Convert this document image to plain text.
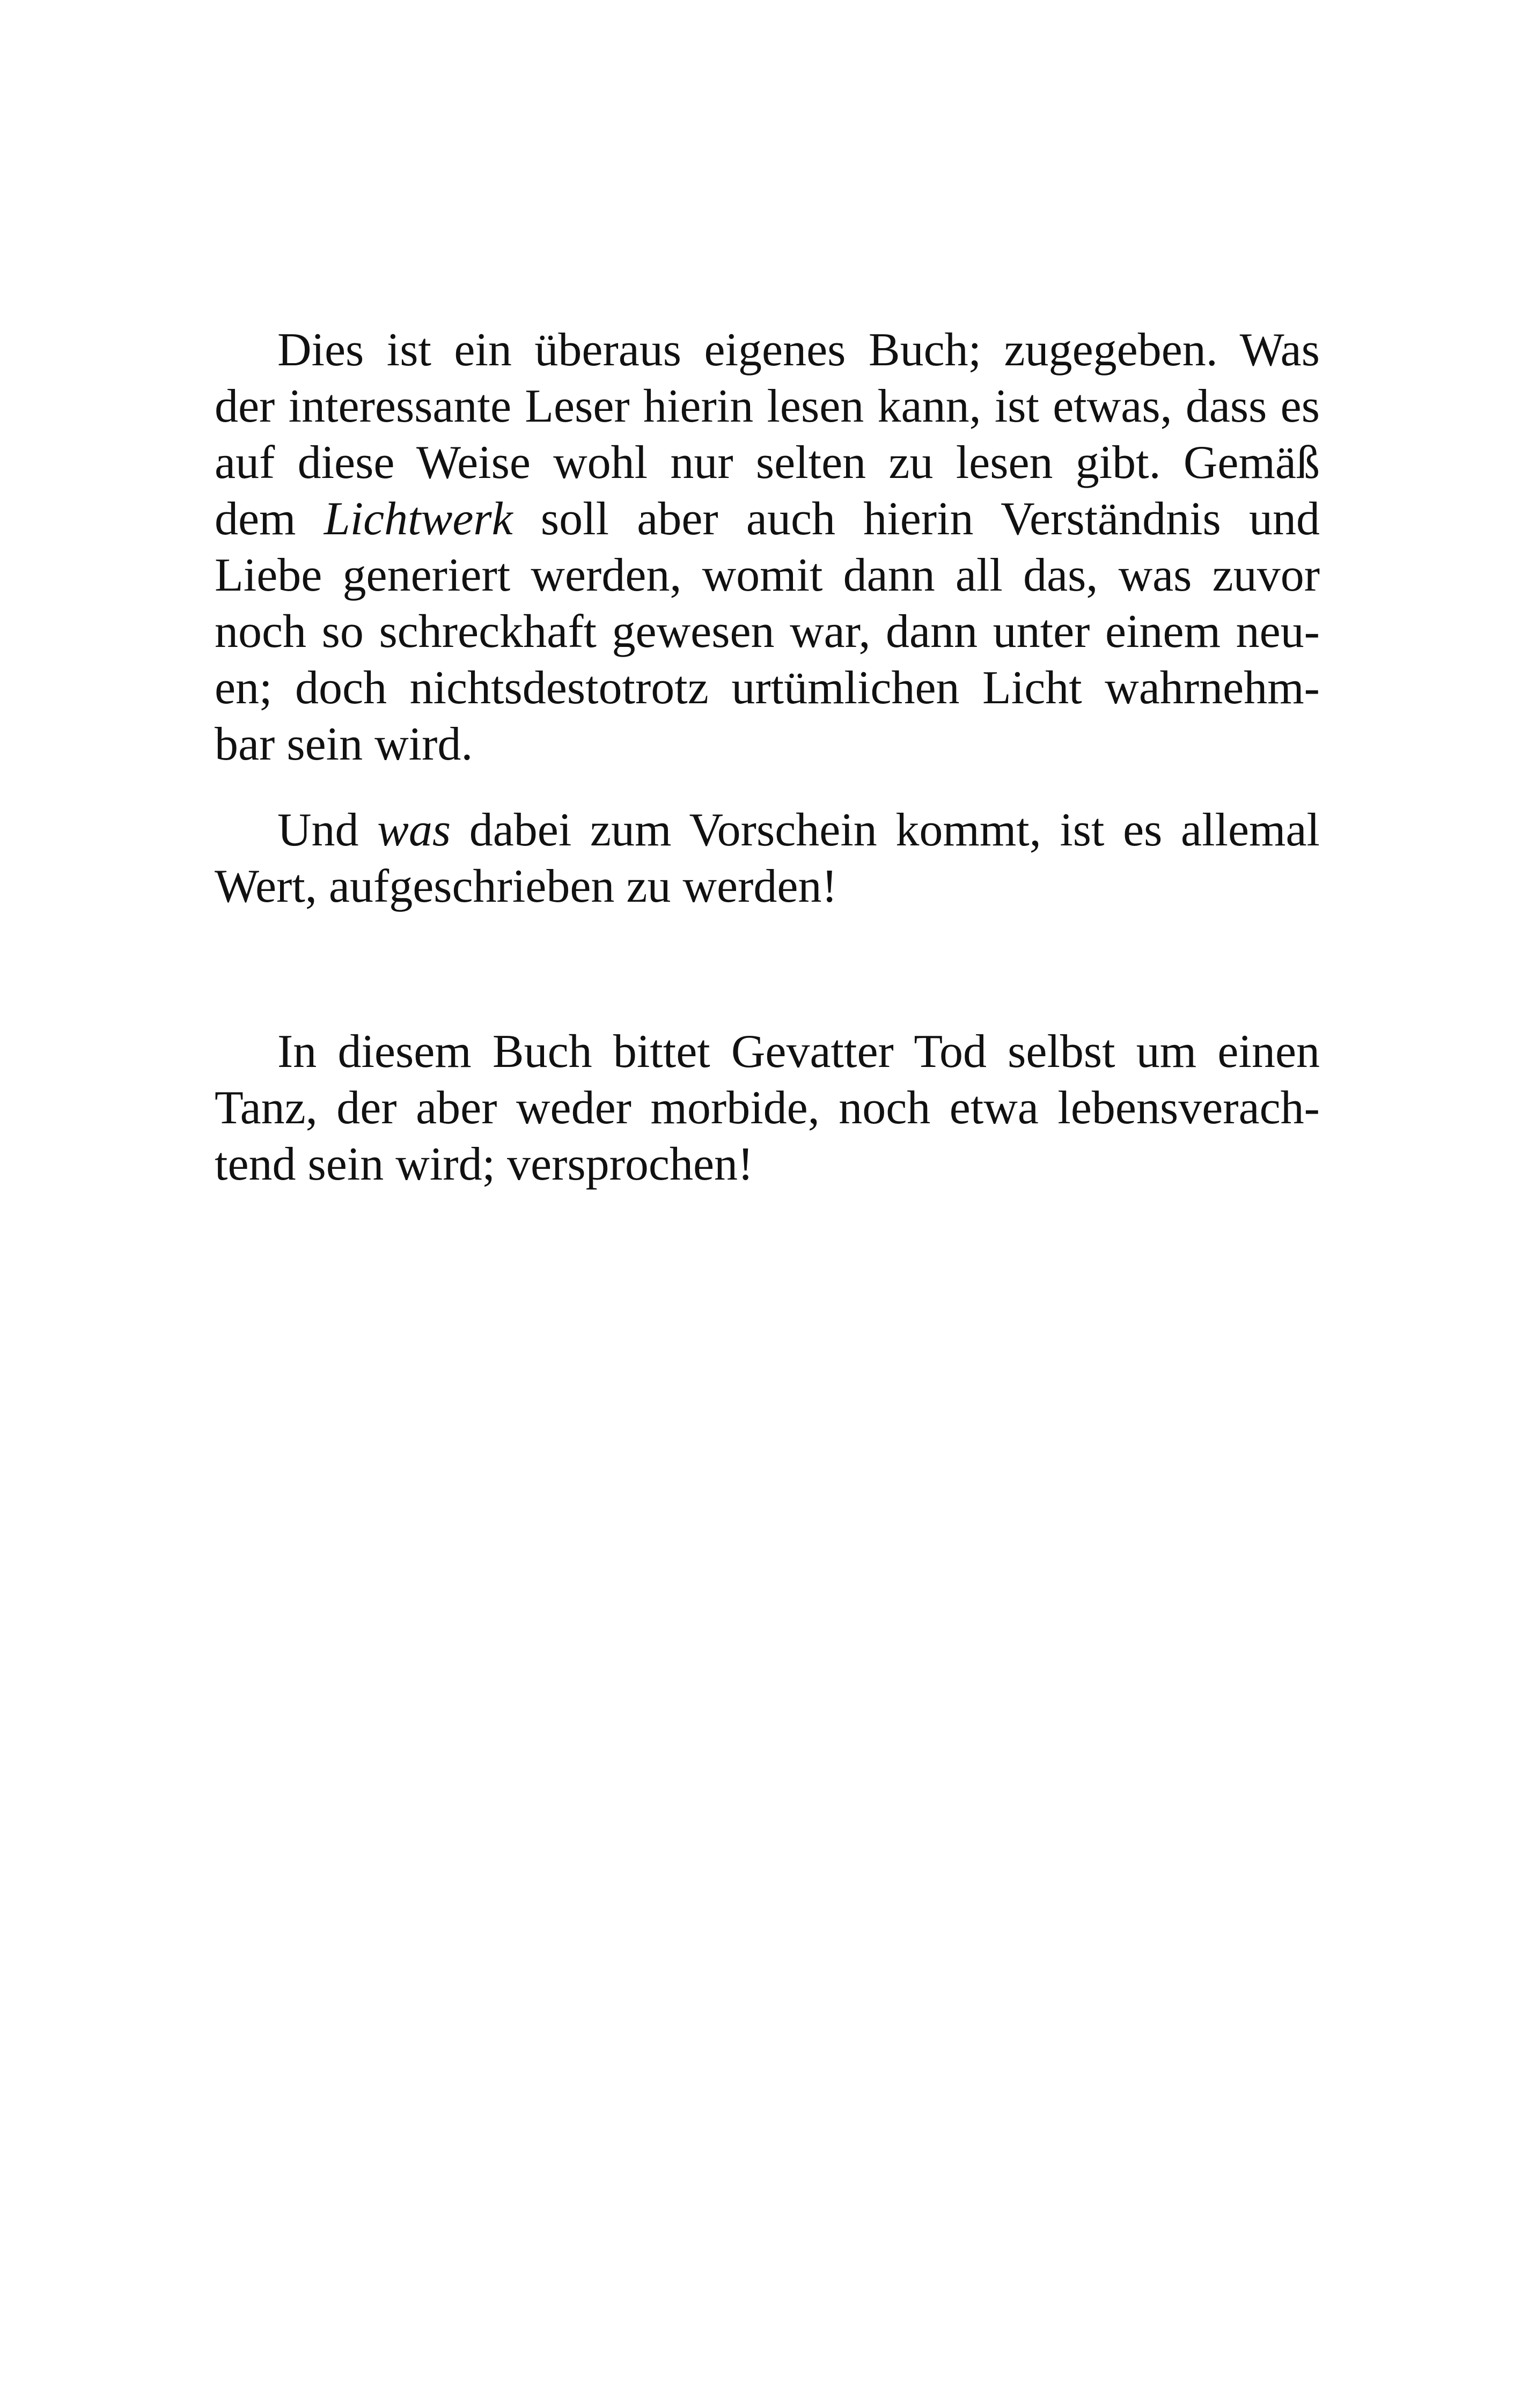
Dies ist ein überaus eigenes Buch; zugegeben. Was
der interessante Leser hierin lesen kann, ist etwas, dass es
auf diese Weise wohl nur selten zu lesen gibt. Gemäß
dem Lichtwerk soll aber auch hierin Verständnis und
Liebe generiert werden, womit dann all das, was zuvor
noch so schreckhaft gewesen war, dann unter einem neu-
en; doch nichtsdestotrotz urtümlichen Licht wahrnehm-
bar sein wird.
Und was dabei zum Vorschein kommt, ist es allemal
Wert, aufgeschrieben zu werden!
In diesem Buch bittet Gevatter Tod selbst um einen
Tanz, der aber weder morbide, noch etwa lebensverach-
tend sein wird; versprochen!
